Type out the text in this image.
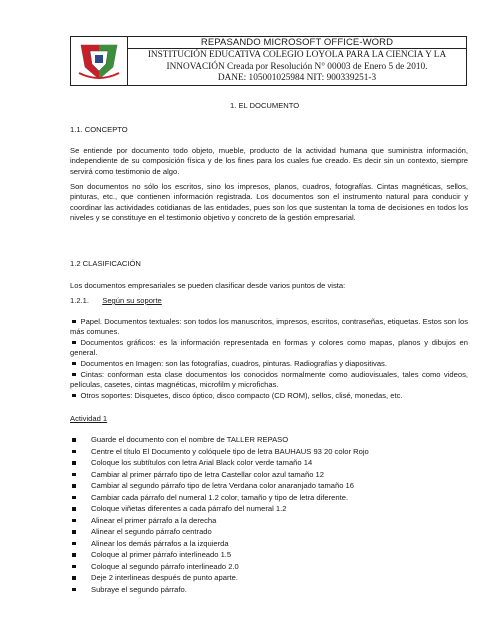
REPASANDO MICROSOFT OFFICE-WORD
INSTITUCIÓN EDUCATIVA COLEGIO LOYOLA PARA LA CIENCIA Y LA
INNOVACIÓN Creada por Resolución N° 00003 de Enero 5 de 2010.
DANE: 105001025984 NIT: 900339251-3
1. EL DOCUMENTO
1.1. CONCEPTO
Se entiende por documento todo objeto, mueble, producto de la actividad humana que suministra información, independiente de su composición física y de los fines para los cuales fue creado. Es decir sin un contexto, siempre servirá como testimonio de algo.
Son documentos no sólo los escritos, sino los impresos, planos, cuadros, fotografías. Cintas magnéticas, sellos, pinturas, etc., que contienen información registrada. Los documentos son el instrumento natural para conducir y coordinar las actividades cotidianas de las entidades, pues son los que sustentan la toma de decisiones en todos los niveles y se constituye en el testimonio objetivo y concreto de la gestión empresarial.
1.2 CLASIFICACIÓN
Los documentos empresariales se pueden clasificar desde varios puntos de vista:
1.2.1. Según su soporte
Papel. Documentos textuales: son todos los manuscritos, impresos, escritos, contraseñas, etiquetas. Estos son los más comunes.
Documentos gráficos: es la información representada en formas y colores como mapas, planos y dibujos en general.
Documentos en Imagen: son las fotografías, cuadros, pinturas. Radiografías y diapositivas.
Cintas: conforman esta clase documentos los conocidos normalmente como audiovisuales, tales como videos, películas, casetes, cintas magnéticas, microfilm y microfichas.
Otros soportes: Disquetes, disco óptico, disco compacto (CD ROM), sellos, clisé, monedas, etc.
Actividad 1
Guarde el documento con el nombre de TALLER REPASO
Centre el título El Documento y colóquele tipo de letra BAUHAUS 93 20 color Rojo
Coloque los subtítulos con letra Arial Black color verde tamaño 14
Cambiar al primer párrafo tipo de letra Castellar color azul tamaño 12
Cambiar al segundo párrafo tipo de letra Verdana color anaranjado tamaño 16
Cambiar cada párrafo del numeral 1.2 color, tamaño y tipo de letra diferente.
Coloque viñetas diferentes a cada párrafo del numeral 1.2
Alinear el primer párrafo a la derecha
Alinear el segundo párrafo centrado
Alinear los demás párrafos a la izquierda
Coloque al primer párrafo interlineado 1.5
Coloque al segundo párrafo interlineado 2.0
Deje 2 interlineas después de punto aparte.
Subraye el segundo párrafo.
